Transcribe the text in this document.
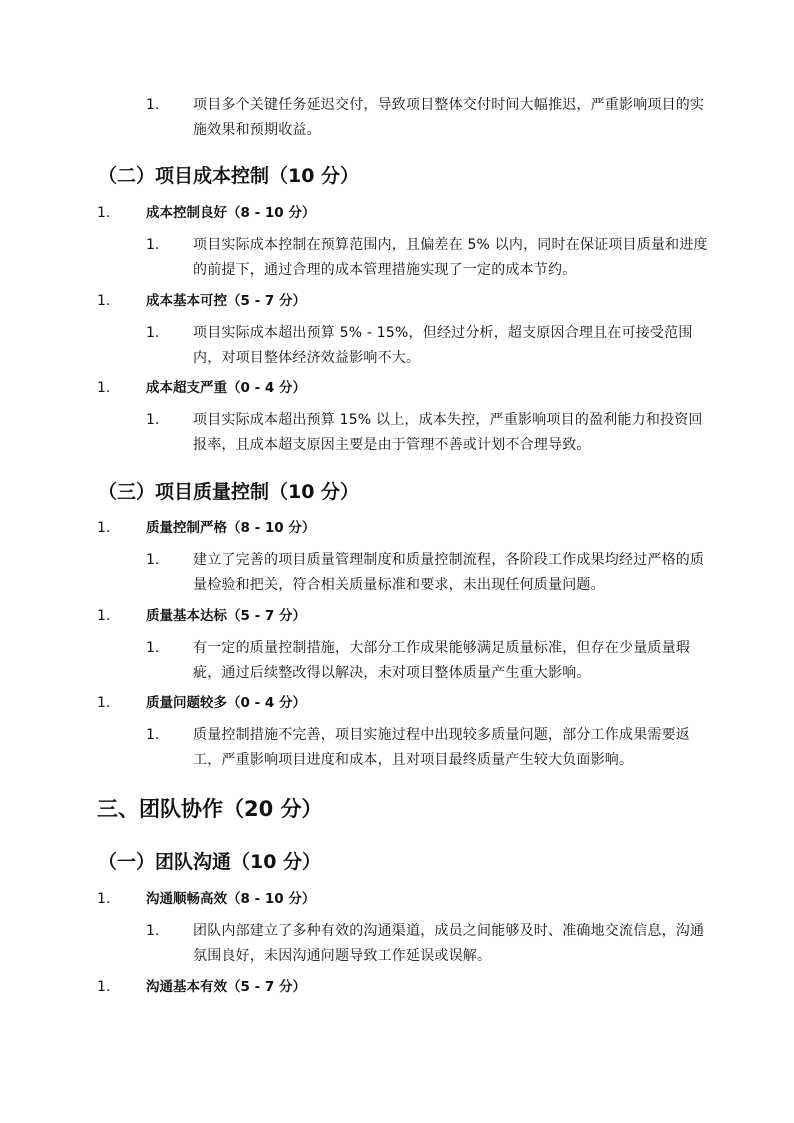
1. 项目多个关键任务延迟交付，导致项目整体交付时间大幅推迟，严重影响项目的实施效果和预期收益。
（二）项目成本控制（10 分）
1.	成本控制良好（8 - 10 分）
1. 项目实际成本控制在预算范围内，且偏差在 5% 以内，同时在保证项目质量和进度的前提下，通过合理的成本管理措施实现了一定的成本节约。
1.	成本基本可控（5 - 7 分）
1. 项目实际成本超出预算 5% - 15%，但经过分析，超支原因合理且在可接受范围内，对项目整体经济效益影响不大。
1.	成本超支严重（0 - 4 分）
1. 项目实际成本超出预算 15% 以上，成本失控，严重影响项目的盈利能力和投资回报率，且成本超支原因主要是由于管理不善或计划不合理导致。
（三）项目质量控制（10 分）
1.	质量控制严格（8 - 10 分）
1. 建立了完善的项目质量管理制度和质量控制流程，各阶段工作成果均经过严格的质量检验和把关，符合相关质量标准和要求，未出现任何质量问题。
1.	质量基本达标（5 - 7 分）
1. 有一定的质量控制措施，大部分工作成果能够满足质量标准，但存在少量质量瑕疵，通过后续整改得以解决，未对项目整体质量产生重大影响。
1.	质量问题较多（0 - 4 分）
1. 质量控制措施不完善，项目实施过程中出现较多质量问题，部分工作成果需要返工，严重影响项目进度和成本，且对项目最终质量产生较大负面影响。
三、团队协作（20 分）
（一）团队沟通（10 分）
1.	沟通顺畅高效（8 - 10 分）
1. 团队内部建立了多种有效的沟通渠道，成员之间能够及时、准确地交流信息，沟通氛围良好，未因沟通问题导致工作延误或误解。
1.	沟通基本有效（5 - 7 分）
